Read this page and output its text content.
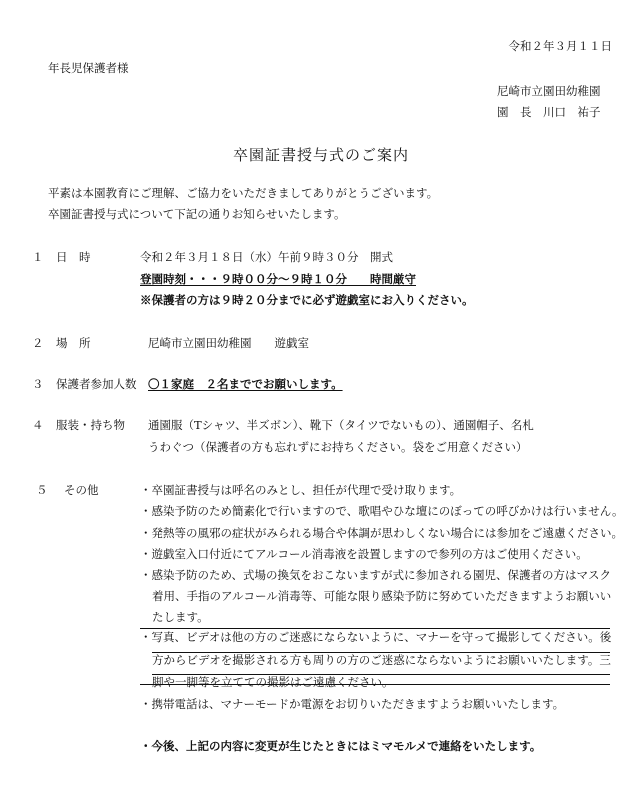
令和２年３月１１日
年長児保護者様
尼崎市立園田幼稚園
園　長　川口　祐子
卒園証書授与式のご案内
平素は本園教育にご理解、ご協力をいただきましてありがとうございます。
卒園証書授与式について下記の通りお知らせいたします。
１ 日　時	令和２年３月１８日（水）午前９時３０分　開式
登園時刻・・・９時００分～９時１０分　　時間厳守
※保護者の方は９時２０分までに必ず遊戯室にお入りください。
２ 場　所	尼崎市立園田幼稚園　　遊戯室
３ 保護者参加人数 〇１家庭　２名まででお願いします。
４ 服装・持ち物 通園服（Tシャツ、半ズボン）、靴下（タイツでないもの）、通園帽子、名札
うわぐつ（保護者の方も忘れずにお持ちください。袋をご用意ください）
５ その他	・卒園証書授与は呼名のみとし、担任が代理で受け取ります。
・感染予防のため簡素化で行いますので、歌唱やひな壇にのぼっての呼びかけは行いません。
・発熱等の風邪の症状がみられる場合や体調が思わしくない場合には参加をご遠慮ください。
・遊戯室入口付近にてアルコール消毒液を設置しますので参列の方はご使用ください。
・感染予防のため、式場の換気をおこないますが式に参加される園児、保護者の方はマスク
着用、手指のアルコール消毒等、可能な限り感染予防に努めていただきますようお願いい
たします。
・写真、ビデオは他の方のご迷惑にならないように、マナーを守って撮影してください。後
方からビデオを撮影される方も周りの方のご迷惑にならないようにお願いいたします。三
脚や一脚等を立てての撮影はご遠慮ください。
・携帯電話は、マナーモードか電源をお切りいただきますようお願いいたします。
・今後、上記の内容に変更が生じたときにはミマモルメで連絡をいたします。
